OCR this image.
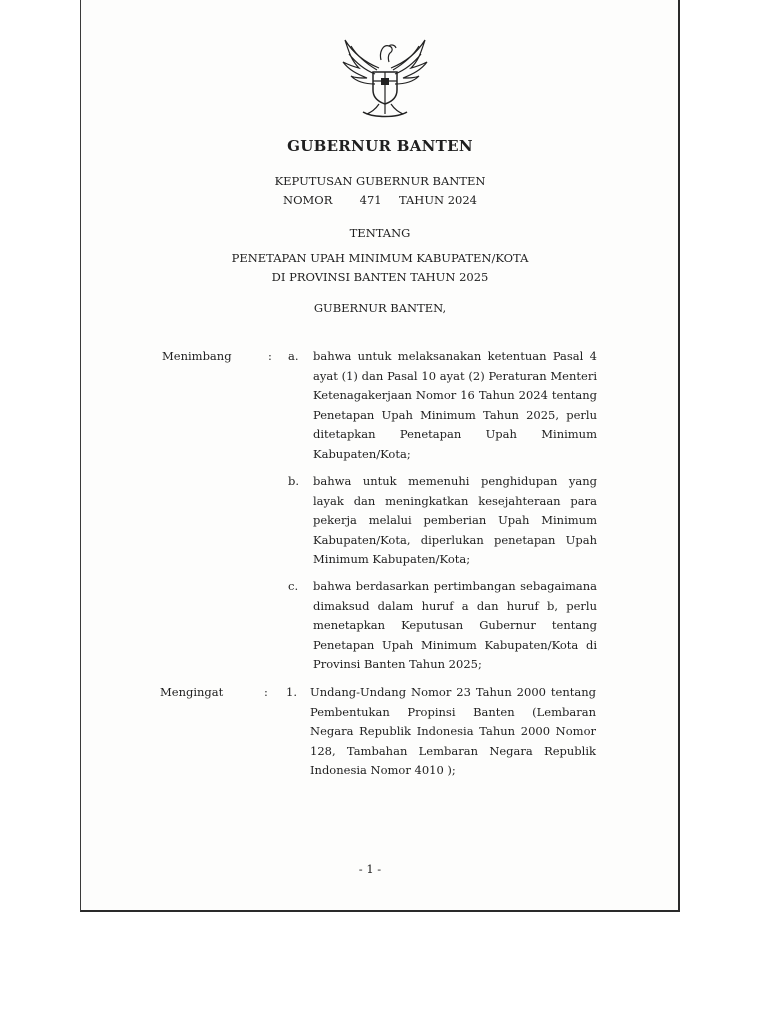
GUBERNUR BANTEN
KEPUTUSAN GUBERNUR BANTEN
NOMOR 471 TAHUN 2024
TENTANG
PENETAPAN UPAH MINIMUM KABUPATEN/KOTA
DI PROVINSI BANTEN TAHUN 2025
GUBERNUR BANTEN,
Menimbang	: a. bahwa untuk melaksanakan ketentuan Pasal 4
ayat (1) dan Pasal 10 ayat (2) Peraturan Menteri
Ketenagakerjaan Nomor 16 Tahun 2024 tentang
Penetapan Upah Minimum Tahun 2025, perlu
ditetapkan Penetapan Upah Minimum
Kabupaten/Kota;
b. bahwa untuk memenuhi penghidupan yang
layak dan meningkatkan kesejahteraan para
pekerja melalui pemberian Upah Minimum
Kabupaten/Kota, diperlukan penetapan Upah
Minimum Kabupaten/Kota;
c. bahwa berdasarkan pertimbangan sebagaimana
dimaksud dalam huruf a dan huruf b, perlu
menetapkan Keputusan Gubernur tentang
Penetapan Upah Minimum Kabupaten/Kota di
Provinsi Banten Tahun 2025;
Mengingat	: 1. Undang-Undang Nomor 23 Tahun 2000 tentang
Pembentukan Propinsi Banten (Lembaran
Negara Republik Indonesia Tahun 2000 Nomor
128, Tambahan Lembaran Negara Republik
Indonesia Nomor 4010 );
- 1 -
